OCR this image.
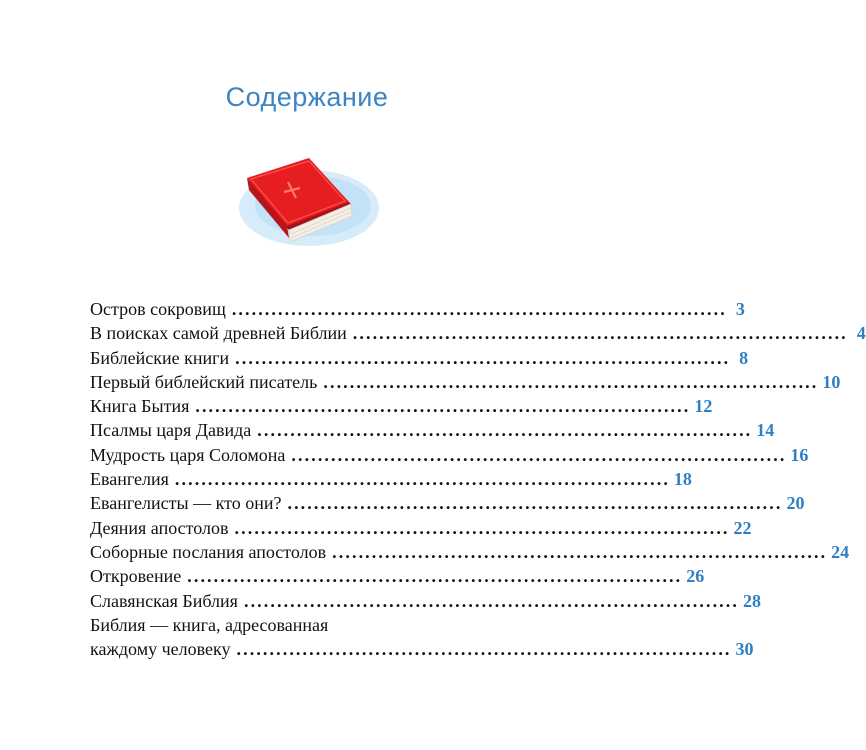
Содержание
Остров сокровищ ........................................................................... 3
В поисках самой древней Библии ........................................................................... 4
Библейские книги ........................................................................... 8
Первый библейский писатель ........................................................................... 10
Книга Бытия ........................................................................... 12
Псалмы царя Давида ........................................................................... 14
Мудрость царя Соломона ........................................................................... 16
Евангелия ........................................................................... 18
Евангелисты — кто они? ........................................................................... 20
Деяния апостолов ........................................................................... 22
Соборные послания апостолов ........................................................................... 24
Откровение ........................................................................... 26
Славянская Библия ........................................................................... 28
Библия — книга, адресованная
каждому человеку ........................................................................... 30
